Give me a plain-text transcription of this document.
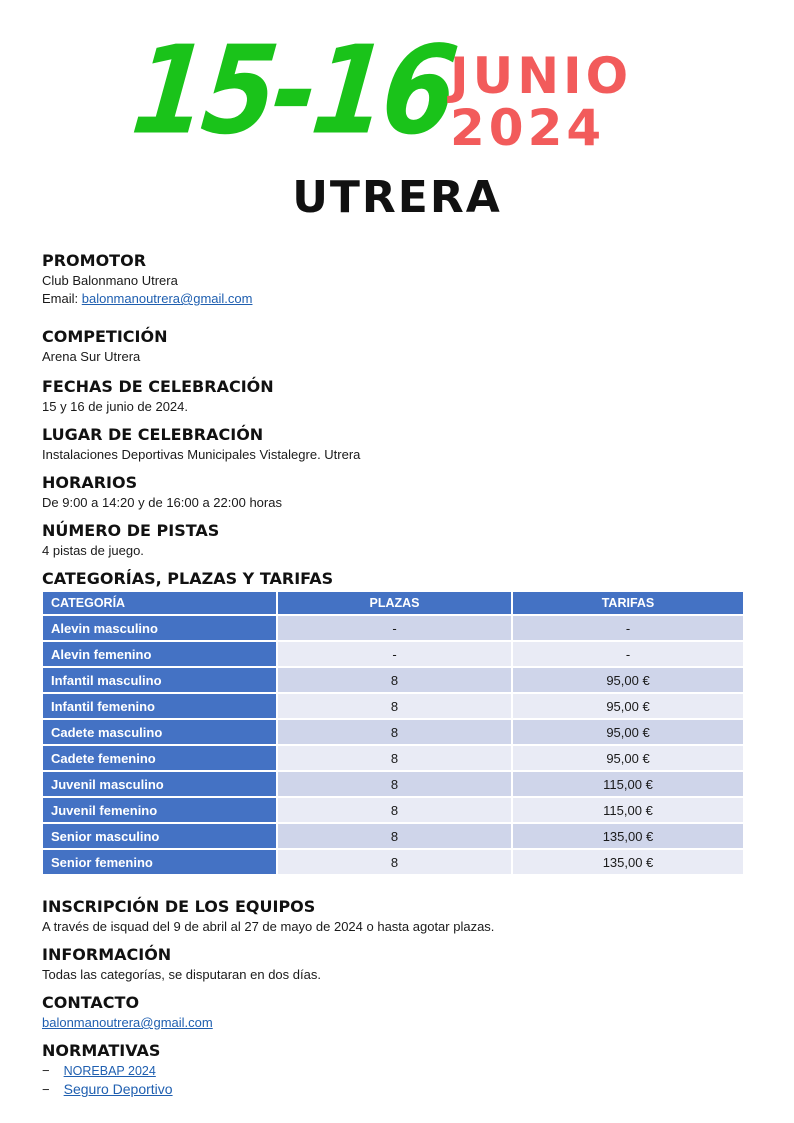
15-16
JUNIO
2024
UTRERA

PROMOTOR

Club Balonmano Utrera

Email: balonmanoutrera@gmail.com

COMPETICIÓN

Arena Sur Utrera

FECHAS DE CELEBRACIÓN

15 y 16 de junio de 2024.

LUGAR DE CELEBRACIÓN

Instalaciones Deportivas Municipales Vistalegre. Utrera

HORARIOS

De 9:00 a 14:20 y de 16:00 a 22:00 horas

NÚMERO DE PISTAS

4 pistas de juego.

CATEGORÍAS, PLAZAS Y TARIFAS

CATEGORÍA	PLAZAS	TARIFAS
Alevin masculino	-	-
Alevin femenino	-	-
Infantil masculino	8	95,00 €
Infantil femenino	8	95,00 €
Cadete masculino	8	95,00 €
Cadete femenino	8	95,00 €
Juvenil masculino	8	115,00 €
Juvenil femenino	8	115,00 €
Senior masculino	8	135,00 €
Senior femenino	8	135,00 €

INSCRIPCIÓN DE LOS EQUIPOS

A través de isquad del 9 de abril al 27 de mayo de 2024 o hasta agotar plazas.

INFORMACIÓN

Todas las categorías, se disputaran en dos días.

CONTACTO

balonmanoutrera@gmail.com

NORMATIVAS

− NOREBAP 2024
− Seguro Deportivo
